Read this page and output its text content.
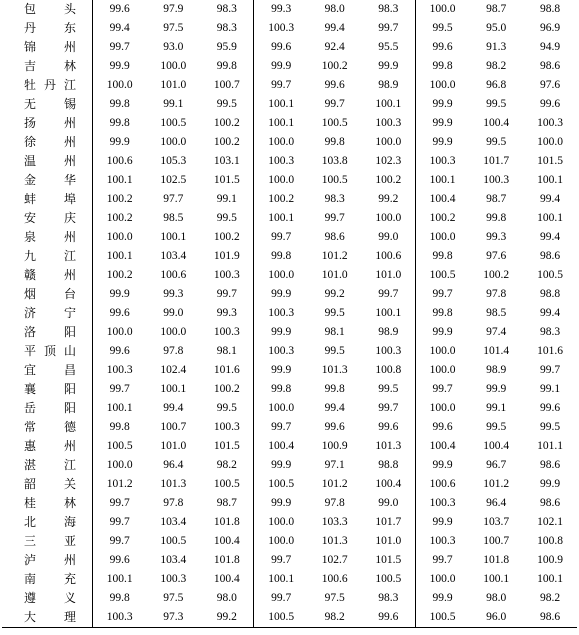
包 头	99.6	97.9	98.3	99.3	98.0	98.3	100.0	98.7	98.8
丹 东	99.4	97.5	98.3	100.3	99.4	99.7	99.5	95.0	96.9
锦 州	99.7	93.0	95.9	99.6	92.4	95.5	99.6	91.3	94.9
吉 林	99.9	100.0	99.8	99.9	100.2	99.9	99.8	98.2	98.6
牡丹江	100.0	101.0	100.7	99.7	99.6	98.9	100.0	96.8	97.6
无 锡	99.8	99.1	99.5	100.1	99.7	100.1	99.9	99.5	99.6
扬 州	99.8	100.5	100.2	100.1	100.5	100.3	99.9	100.4	100.3
徐 州	99.9	100.0	100.2	100.0	99.8	100.0	99.9	99.5	100.0
温 州	100.6	105.3	103.1	100.3	103.8	102.3	100.3	101.7	101.5
金 华	100.1	102.5	101.5	100.0	100.5	100.2	100.1	100.3	100.1
蚌 埠	100.2	97.7	99.1	100.2	98.3	99.2	100.4	98.7	99.4
安 庆	100.2	98.5	99.5	100.1	99.7	100.0	100.2	99.8	100.1
泉 州	100.0	100.1	100.2	99.7	98.6	99.0	100.0	99.3	99.4
九 江	100.1	103.4	101.9	99.8	101.2	100.6	99.8	97.6	98.6
赣 州	100.2	100.6	100.3	100.0	101.0	101.0	100.5	100.2	100.5
烟 台	99.9	99.3	99.7	99.9	99.2	99.7	99.7	97.8	98.8
济 宁	99.6	99.0	99.3	100.3	99.5	100.1	99.8	98.5	99.4
洛 阳	100.0	100.0	100.3	99.9	98.1	98.9	99.9	97.4	98.3
平顶山	99.6	97.8	98.1	100.3	99.5	100.3	100.0	101.4	101.6
宜 昌	100.3	102.4	101.6	99.9	101.3	100.8	100.0	98.9	99.7
襄 阳	99.7	100.1	100.2	99.8	99.8	99.5	99.7	99.9	99.1
岳 阳	100.1	99.4	99.5	100.0	99.4	99.7	100.0	99.1	99.6
常 德	99.8	100.7	100.3	99.7	99.6	99.6	99.6	99.5	99.5
惠 州	100.5	101.0	101.5	100.4	100.9	101.3	100.4	100.4	101.1
湛 江	100.0	96.4	98.2	99.9	97.1	98.8	99.9	96.7	98.6
韶 关	101.2	101.3	100.5	100.5	101.2	100.4	100.6	101.2	99.9
桂 林	99.7	97.8	98.7	99.9	97.8	99.0	100.3	96.4	98.6
北 海	99.7	103.4	101.8	100.0	103.3	101.7	99.9	103.7	102.1
三 亚	99.7	100.5	100.4	100.0	101.3	101.0	100.3	100.7	100.8
泸 州	99.6	103.4	101.8	99.7	102.7	101.5	99.7	101.8	100.9
南 充	100.1	100.3	100.4	100.1	100.6	100.5	100.0	100.1	100.1
遵 义	99.8	97.5	98.0	99.7	97.5	98.3	99.9	98.0	98.2
大 理	100.3	97.3	99.2	100.5	98.2	99.6	100.5	96.0	98.6
